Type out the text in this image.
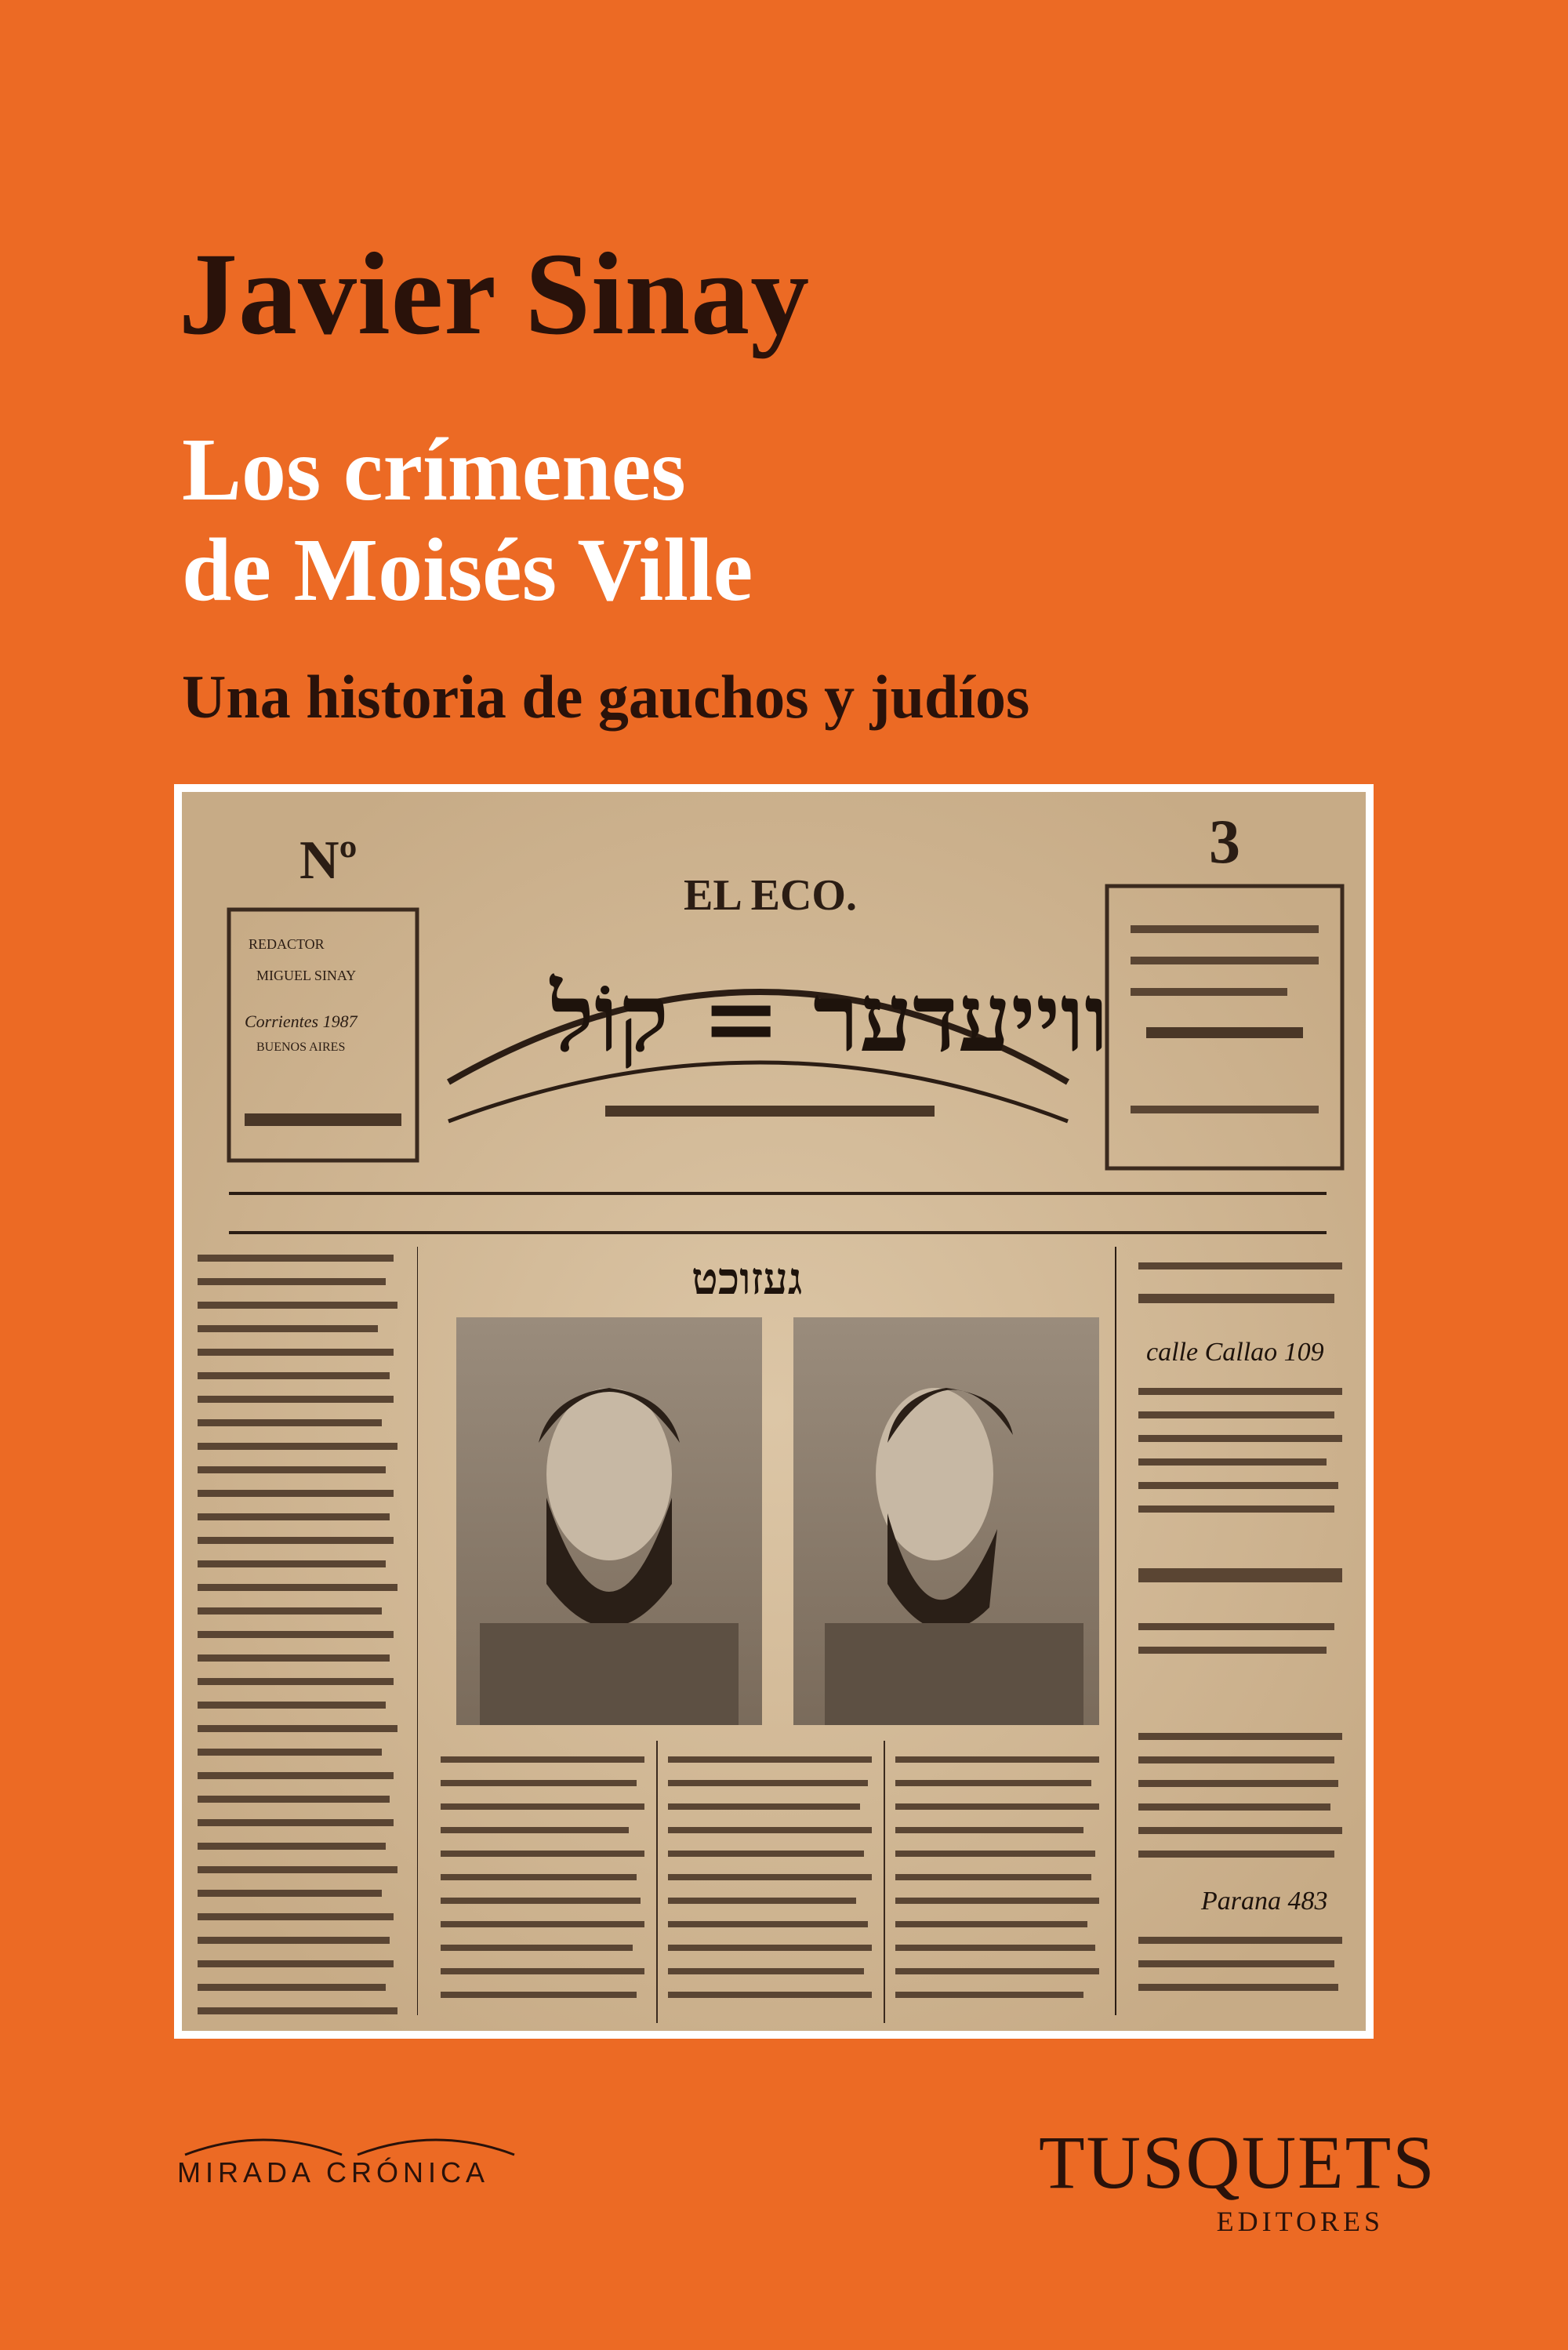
Javier Sinay
Los crímenes
de Moisés Ville
Una historia de gauchos y judíos
Nº
REDACTOR
MIGUEL SINAY
Corrientes 1987
BUENOS AIRES
EL ECO.
ווייעדער = קוֹל
3
געזוכט
calle Callao 109
Parana 483

MIRADA CRÓNICA	TUSQUETS

EDITORES
